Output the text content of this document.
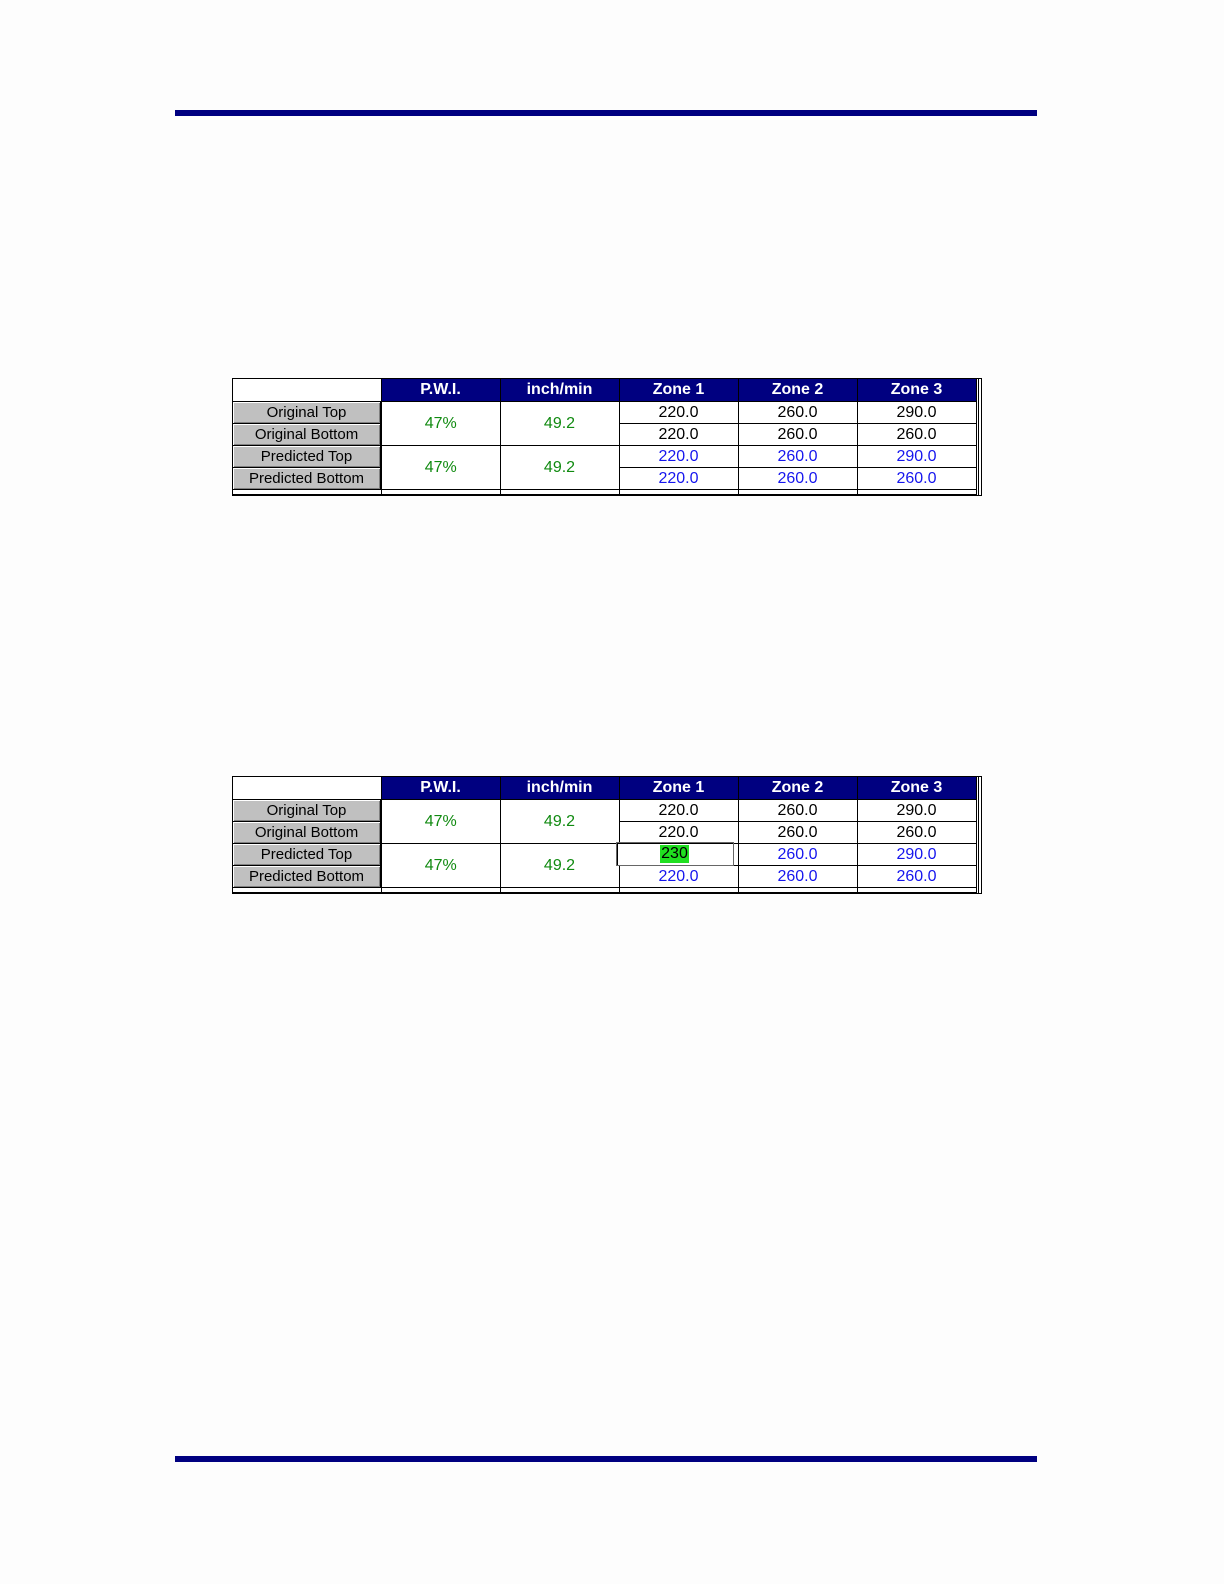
	P.W.I.	inch/min	Zone 1	Zone 2	Zone 3
Original Top	47%	49.2	220.0	260.0	290.0
Original Bottom			220.0	260.0	260.0
Predicted Top	47%	49.2	220.0	260.0	290.0
Predicted Bottom			220.0	260.0	260.0

	P.W.I.	inch/min	Zone 1	Zone 2	Zone 3
Original Top	47%	49.2	220.0	260.0	290.0
Original Bottom			220.0	260.0	260.0
Predicted Top	47%	49.2	230	260.0	290.0
Predicted Bottom			220.0	260.0	260.0
